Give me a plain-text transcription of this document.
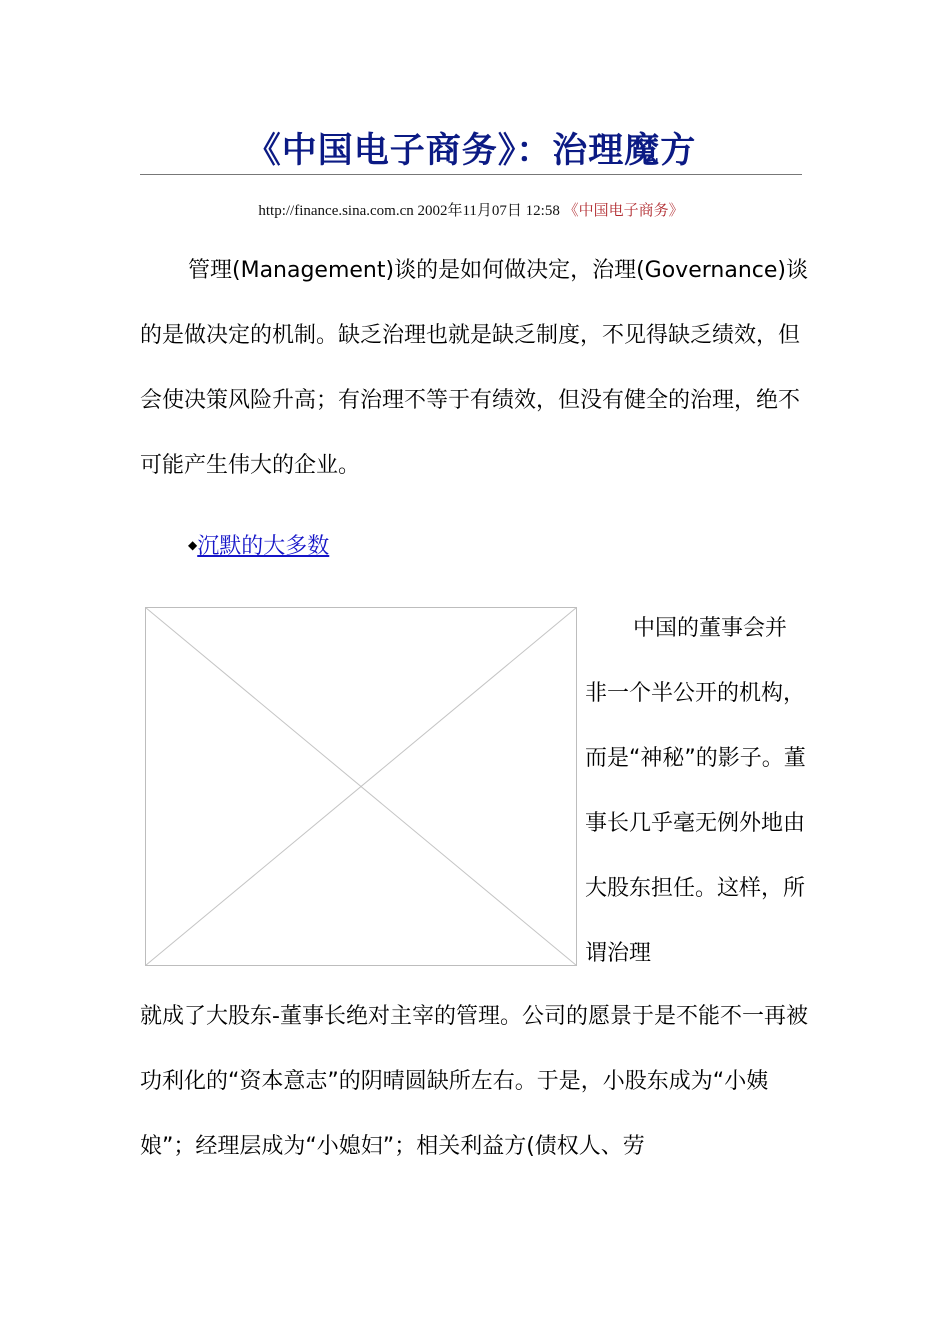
《中国电子商务》：治理魔方
http://finance.sina.com.cn 2002年11月07日 12:58 《中国电子商务》
管理(Management)谈的是如何做决定，治理(Governance)谈的是做决定的机制。缺乏治理也就是缺乏制度，不见得缺乏绩效，但会使决策风险升高；有治理不等于有绩效，但没有健全的治理，绝不可能产生伟大的企业。
◆沉默的大多数
中国的董事会并非一个半公开的机构，而是“神秘”的影子。董事长几乎毫无例外地由大股东担任。这样，所谓治理
就成了大股东-董事长绝对主宰的管理。公司的愿景于是不能不一再被功利化的“资本意志”的阴晴圆缺所左右。于是，小股东成为“小姨娘”；经理层成为“小媳妇”；相关利益方(债权人、劳
